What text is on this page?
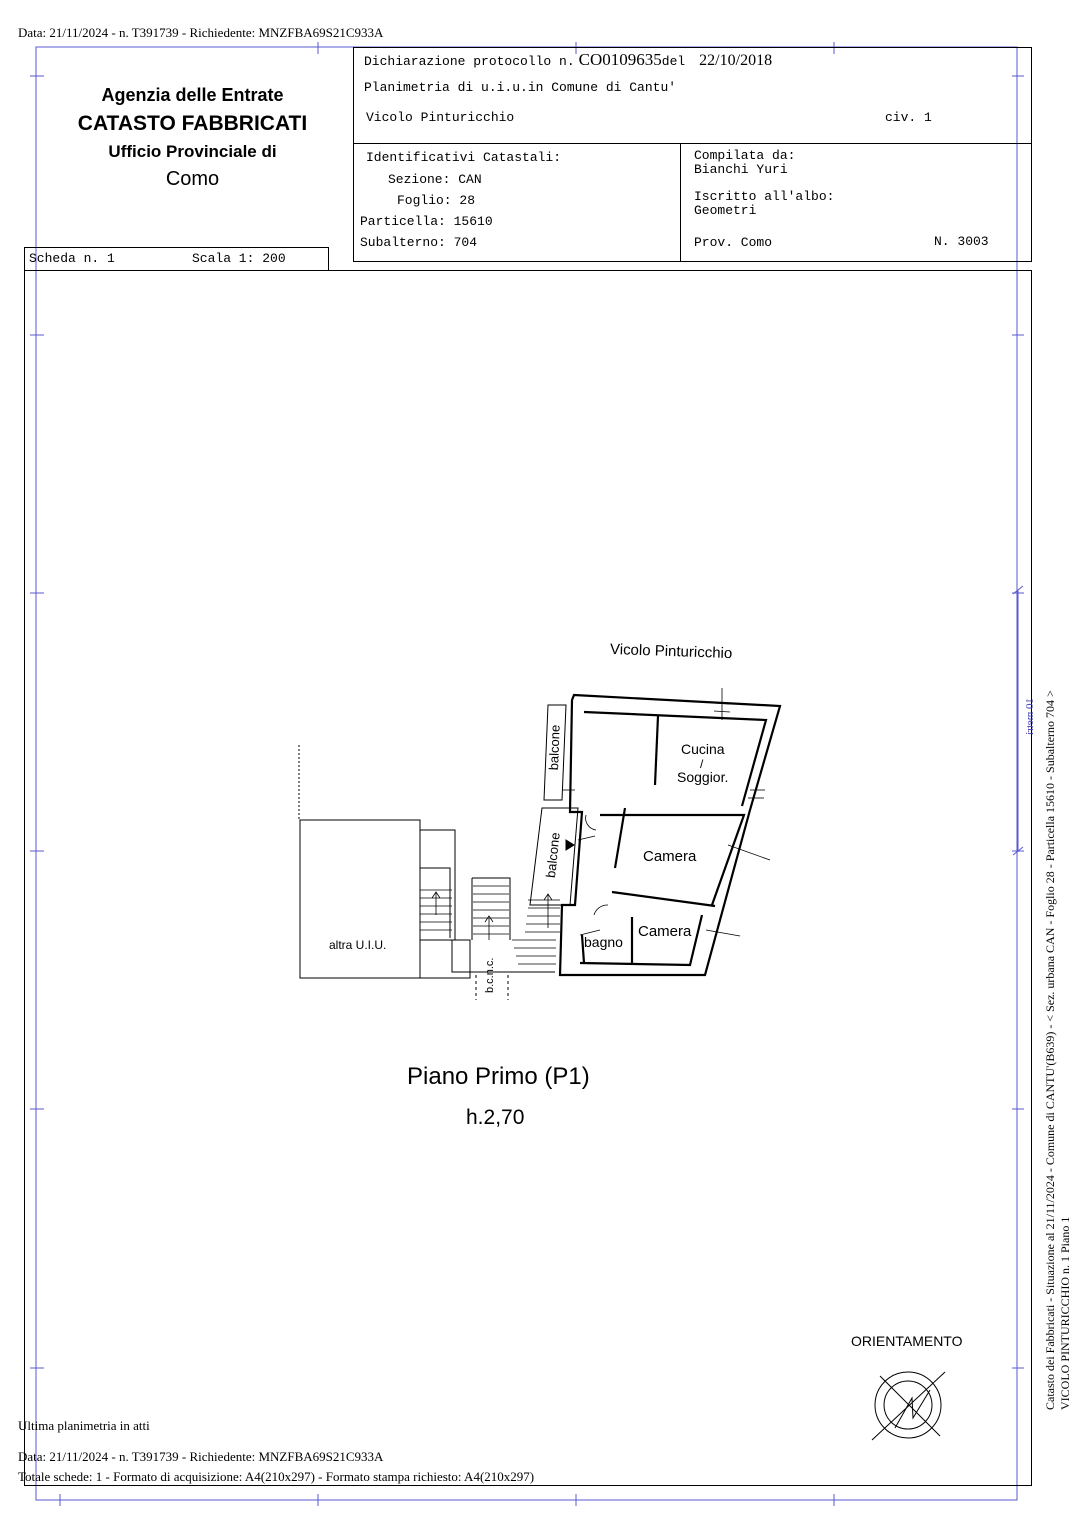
Data: 21/11/2024 - n. T391739 - Richiedente: MNZFBA69S21C933A
Agenzia delle Entrate
CATASTO FABBRICATI
Ufficio Provinciale di
Como
Dichiarazione protocollo n. CO0109635del 22/10/2018
Planimetria di u.i.u.in Comune di Cantu'
Vicolo Pinturicchio	civ. 1
Identificativi Catastali:
Sezione: CAN
Foglio: 28
Particella: 15610
Subalterno: 704
Compilata da:
Bianchi Yuri
Iscritto all'albo:
Geometri
Prov. Como	N. 3003
Scheda n. 1	Scala 1: 200
Vicolo Pinturicchio
Cucina
/
Soggior.
Camera
Camera
bagno
balcone
balcone
altra U.I.U.
b.c.n.c.
Piano Primo (P1)
h.2,70
ORIENTAMENTO
10 metri Catasto dei Fabbricati - Situazione al 21/11/2024 - Comune di CANTU'(B639) - < Sez. urbana CAN - Foglio 28 - Particella 15610 - Subalterno 704 > VICOLO PINTURICCHIO n. 1 Piano 1
Ultima planimetria in atti
Data: 21/11/2024 - n. T391739 - Richiedente: MNZFBA69S21C933A
Totale schede: 1 - Formato di acquisizione: A4(210x297) - Formato stampa richiesto: A4(210x297)
